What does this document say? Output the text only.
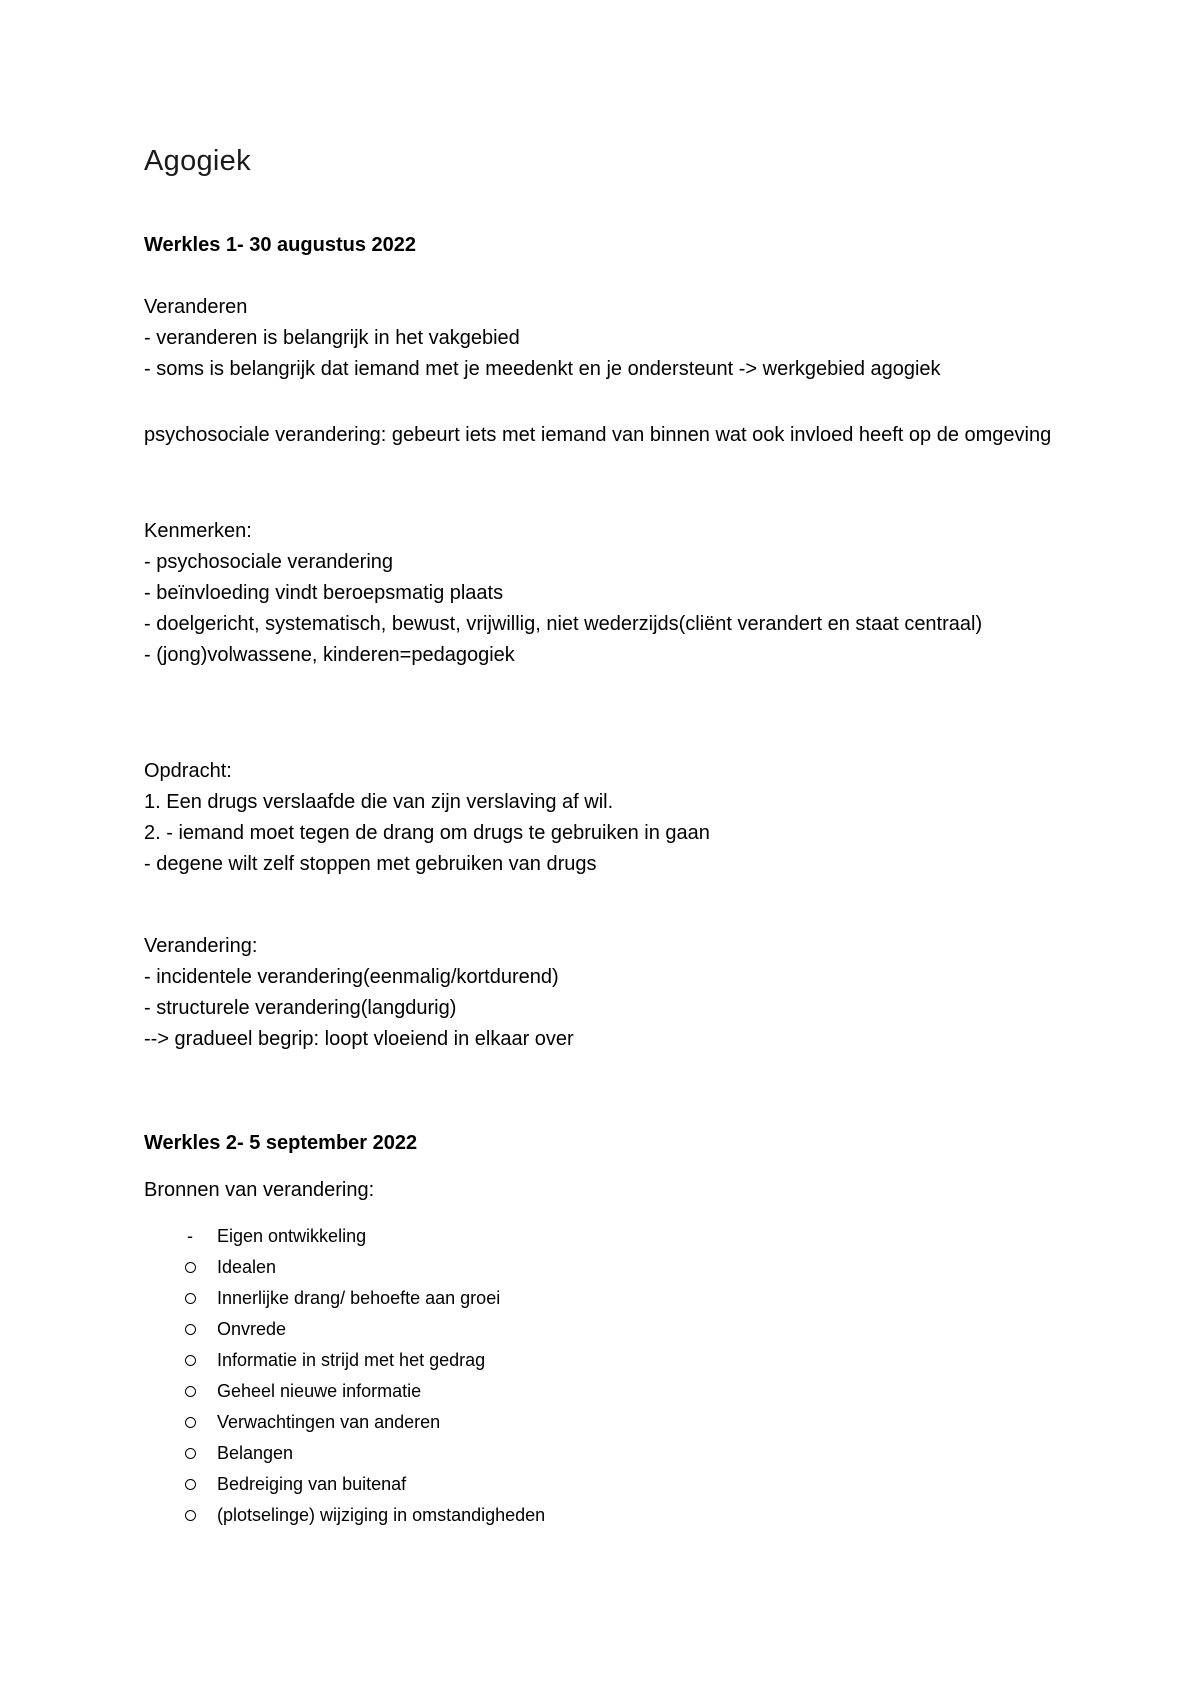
Agogiek
Werkles 1- 30 augustus 2022
Veranderen
- veranderen is belangrijk in het vakgebied
- soms is belangrijk dat iemand met je meedenkt en je ondersteunt -> werkgebied agogiek
psychosociale verandering: gebeurt iets met iemand van binnen wat ook invloed heeft op de omgeving
Kenmerken:
- psychosociale verandering
- beïnvloeding vindt beroepsmatig plaats
- doelgericht, systematisch, bewust, vrijwillig, niet wederzijds(cliënt verandert en staat centraal)
- (jong)volwassene, kinderen=pedagogiek
Opdracht:
1. Een drugs verslaafde die van zijn verslaving af wil.
2. - iemand moet tegen de drang om drugs te gebruiken in gaan
- degene wilt zelf stoppen met gebruiken van drugs
Verandering:
- incidentele verandering(eenmalig/kortdurend)
- structurele verandering(langdurig)
--> gradueel begrip: loopt vloeiend in elkaar over
Werkles 2- 5 september 2022
Bronnen van verandering:
-	Eigen ontwikkeling
Idealen
Innerlijke drang/ behoefte aan groei
Onvrede
Informatie in strijd met het gedrag
Geheel nieuwe informatie
Verwachtingen van anderen
Belangen
Bedreiging van buitenaf
(plotselinge) wijziging in omstandigheden
